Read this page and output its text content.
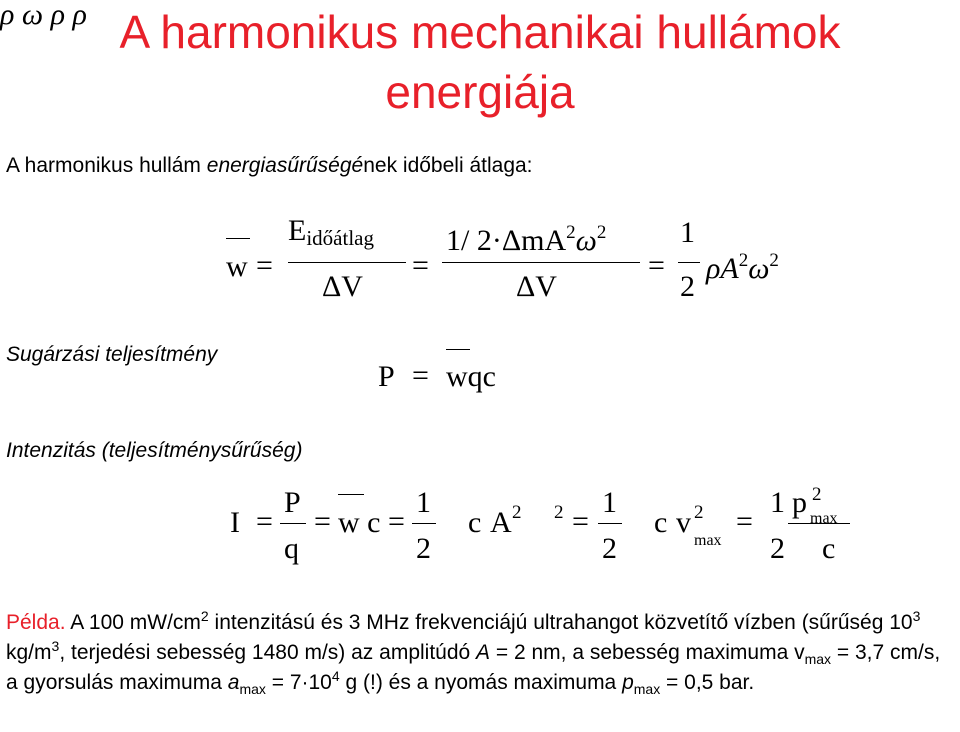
A harmonikus mechanikai hullámok
energiája

A harmonikus hullám energiasűrűségének időbeli átlaga:

w =
$E_{időátlag}$
ΔV
=
1/ $2\cdot\Delta mA^2\omega^2$
ΔV
=
1
2
$\rho A^2\omega^2$

Sugárzási teljesítmény

P = wqc

Intenzitás (teljesítménysűrűség)

I =
P
q
= w c =
1
2
ρ
c A 2
ω
2 =
1
2
ρ
c v 2
max
=
1 p 2
max
2
ρ
c

Példa. A 100 $mW/cm^2$ intenzitású és 3 MHz frekvenciájú ultrahangot közvetítő vízben (sűrűség $10^3$ $kg/m^3$, terjedési sebesség 1480 m/s) az amplitúdó A = 2 nm, a sebesség maximuma $v_{max} = 3,7$ cm/s, a gyorsulás maximuma $a_{max} = 7\cdot 10^4$ g (!) és a nyomás maximuma $p_{max} = 0,5$ bar.
